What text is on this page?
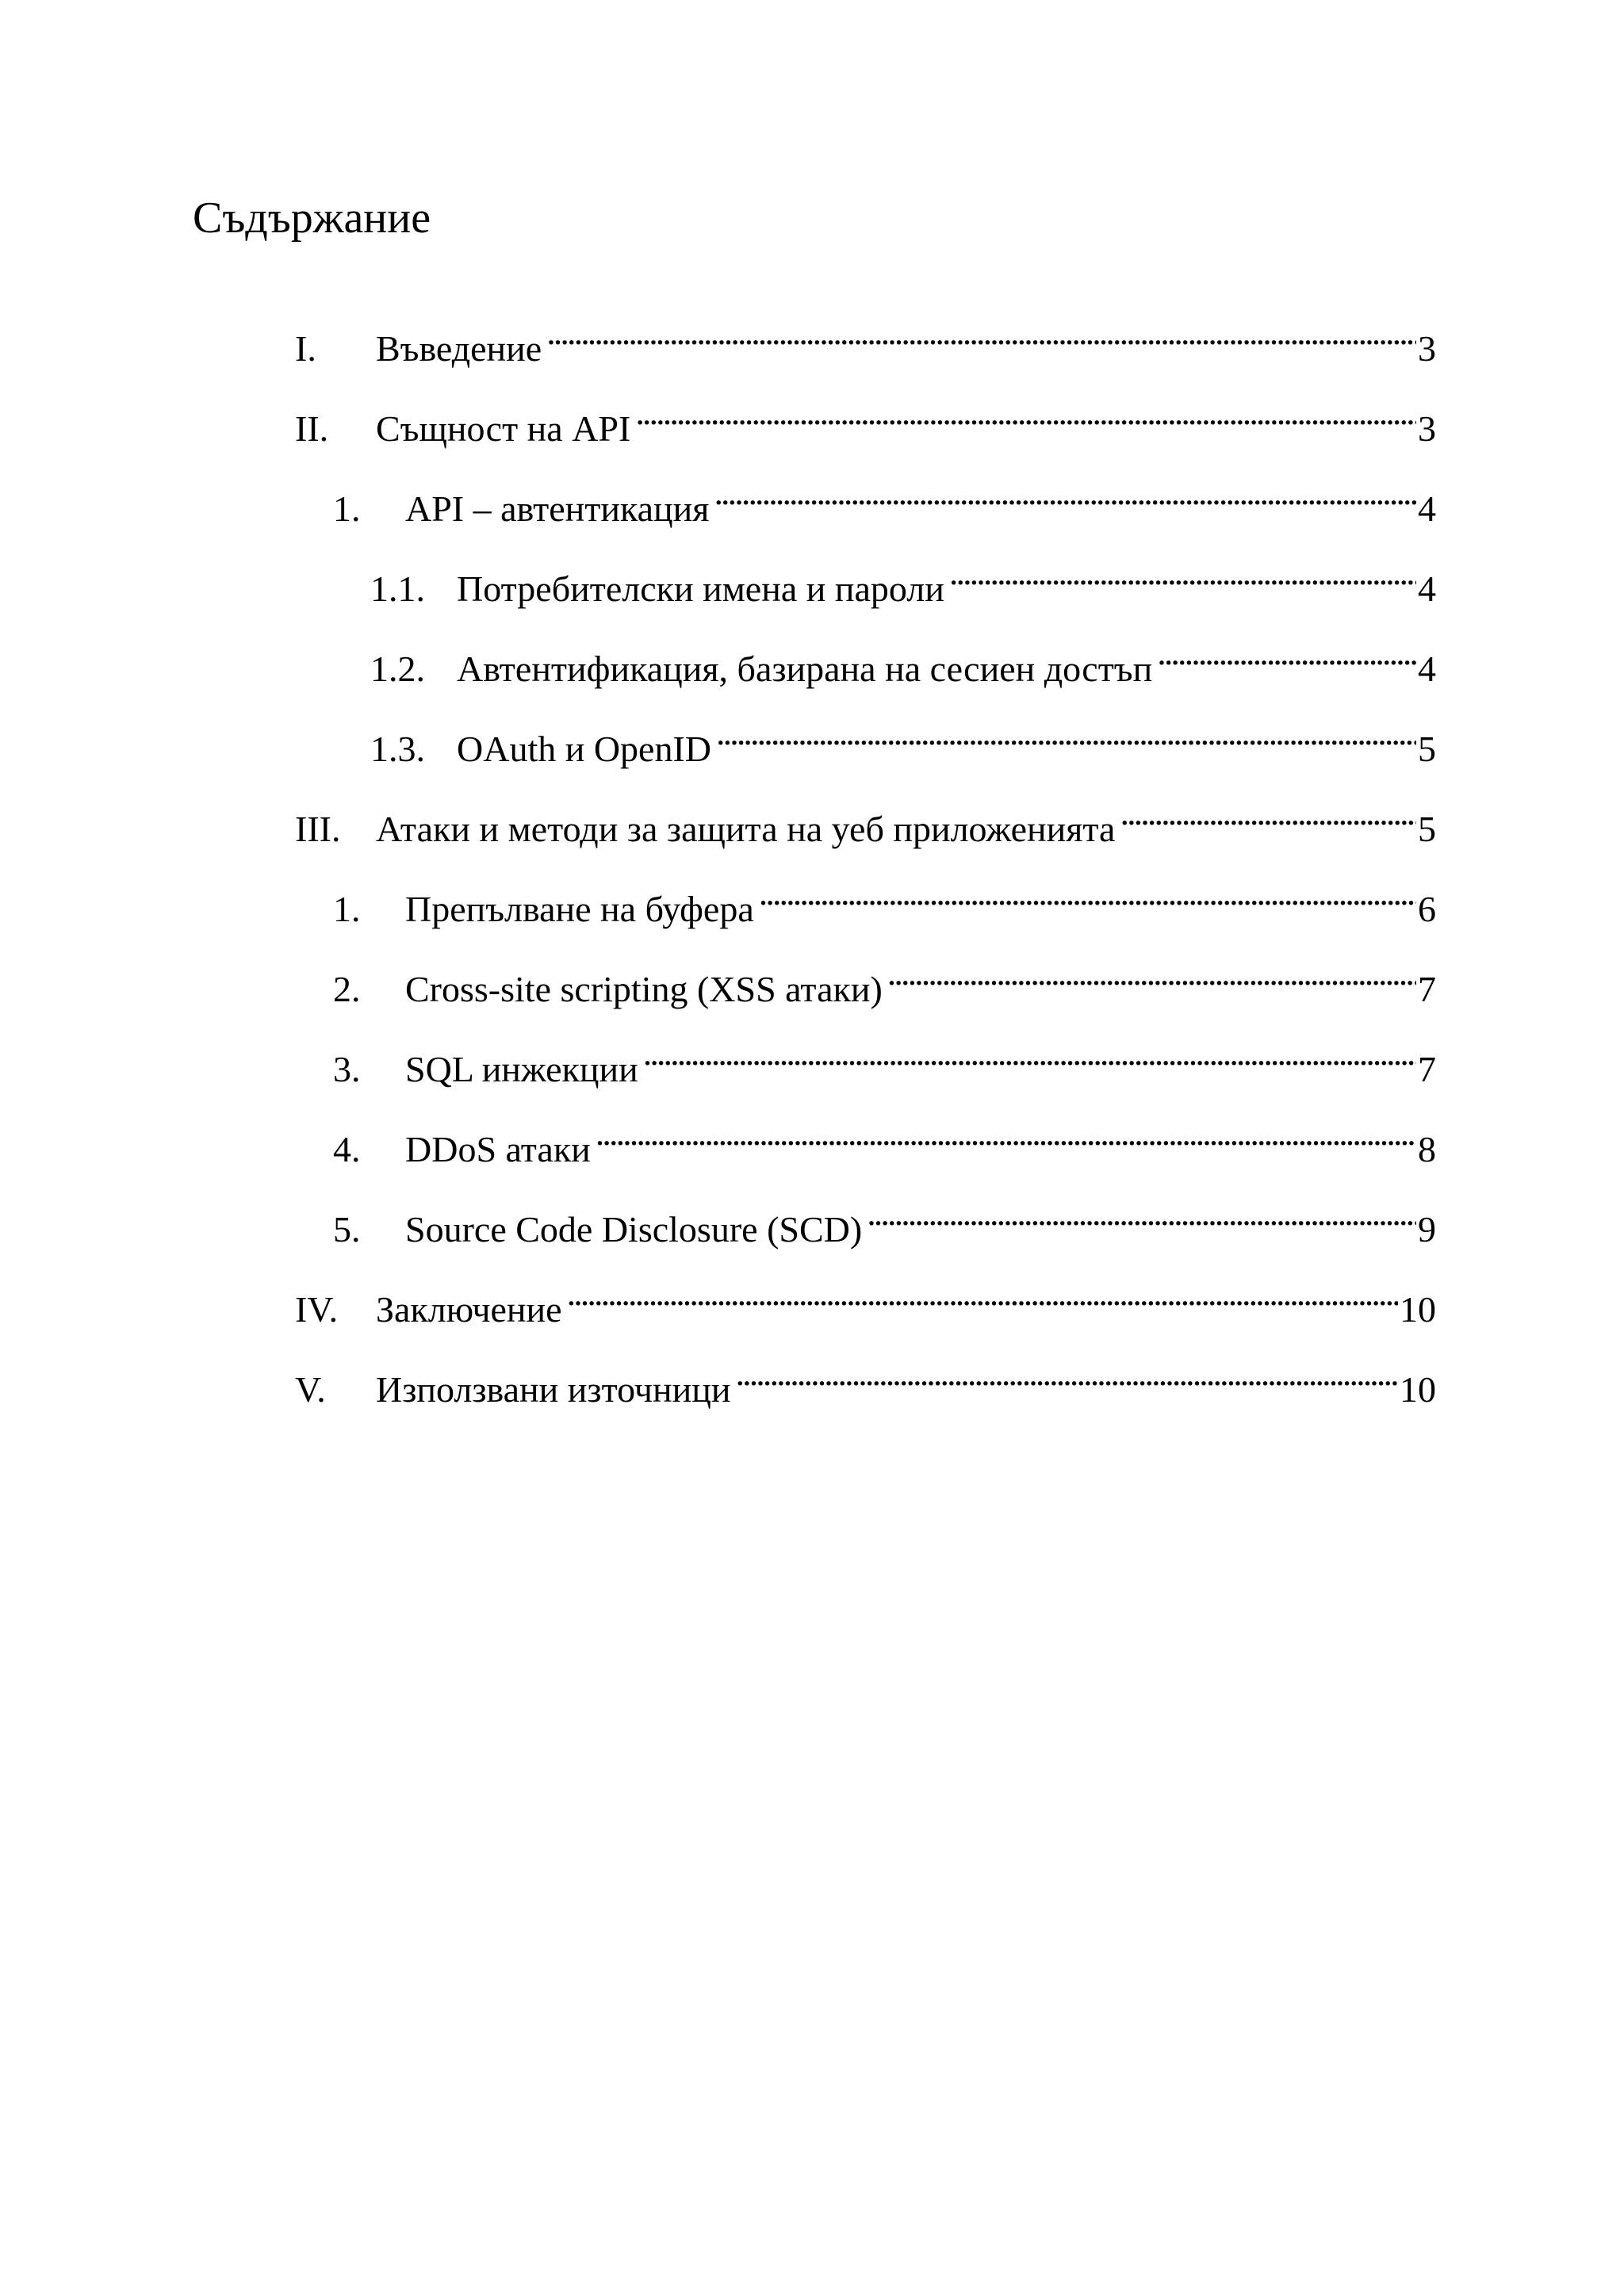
Съдържание
I.	Въведение . . .	3
II.	Същност на API . . .	3
1.	API – автентикация . . .	4
1.1. Потребителски имена и пароли . . .	4
1.2. Автентификация, базирана на сесиен достъп . . .	4
1.3. OAuth и OpenID . . .	5
III. Атаки и методи за защита на уеб приложенията . . .	5
1.	Препълване на буфера . . .	6
2.	Cross-site scripting (XSS атаки) . . .	7
3.	SQL инжекции . . .	7
4.	DDoS атаки . . .	8
5.	Source Code Disclosure (SCD) . . .	9
IV.	Заключение . . .	10
V.	Използвани източници . . .	10
